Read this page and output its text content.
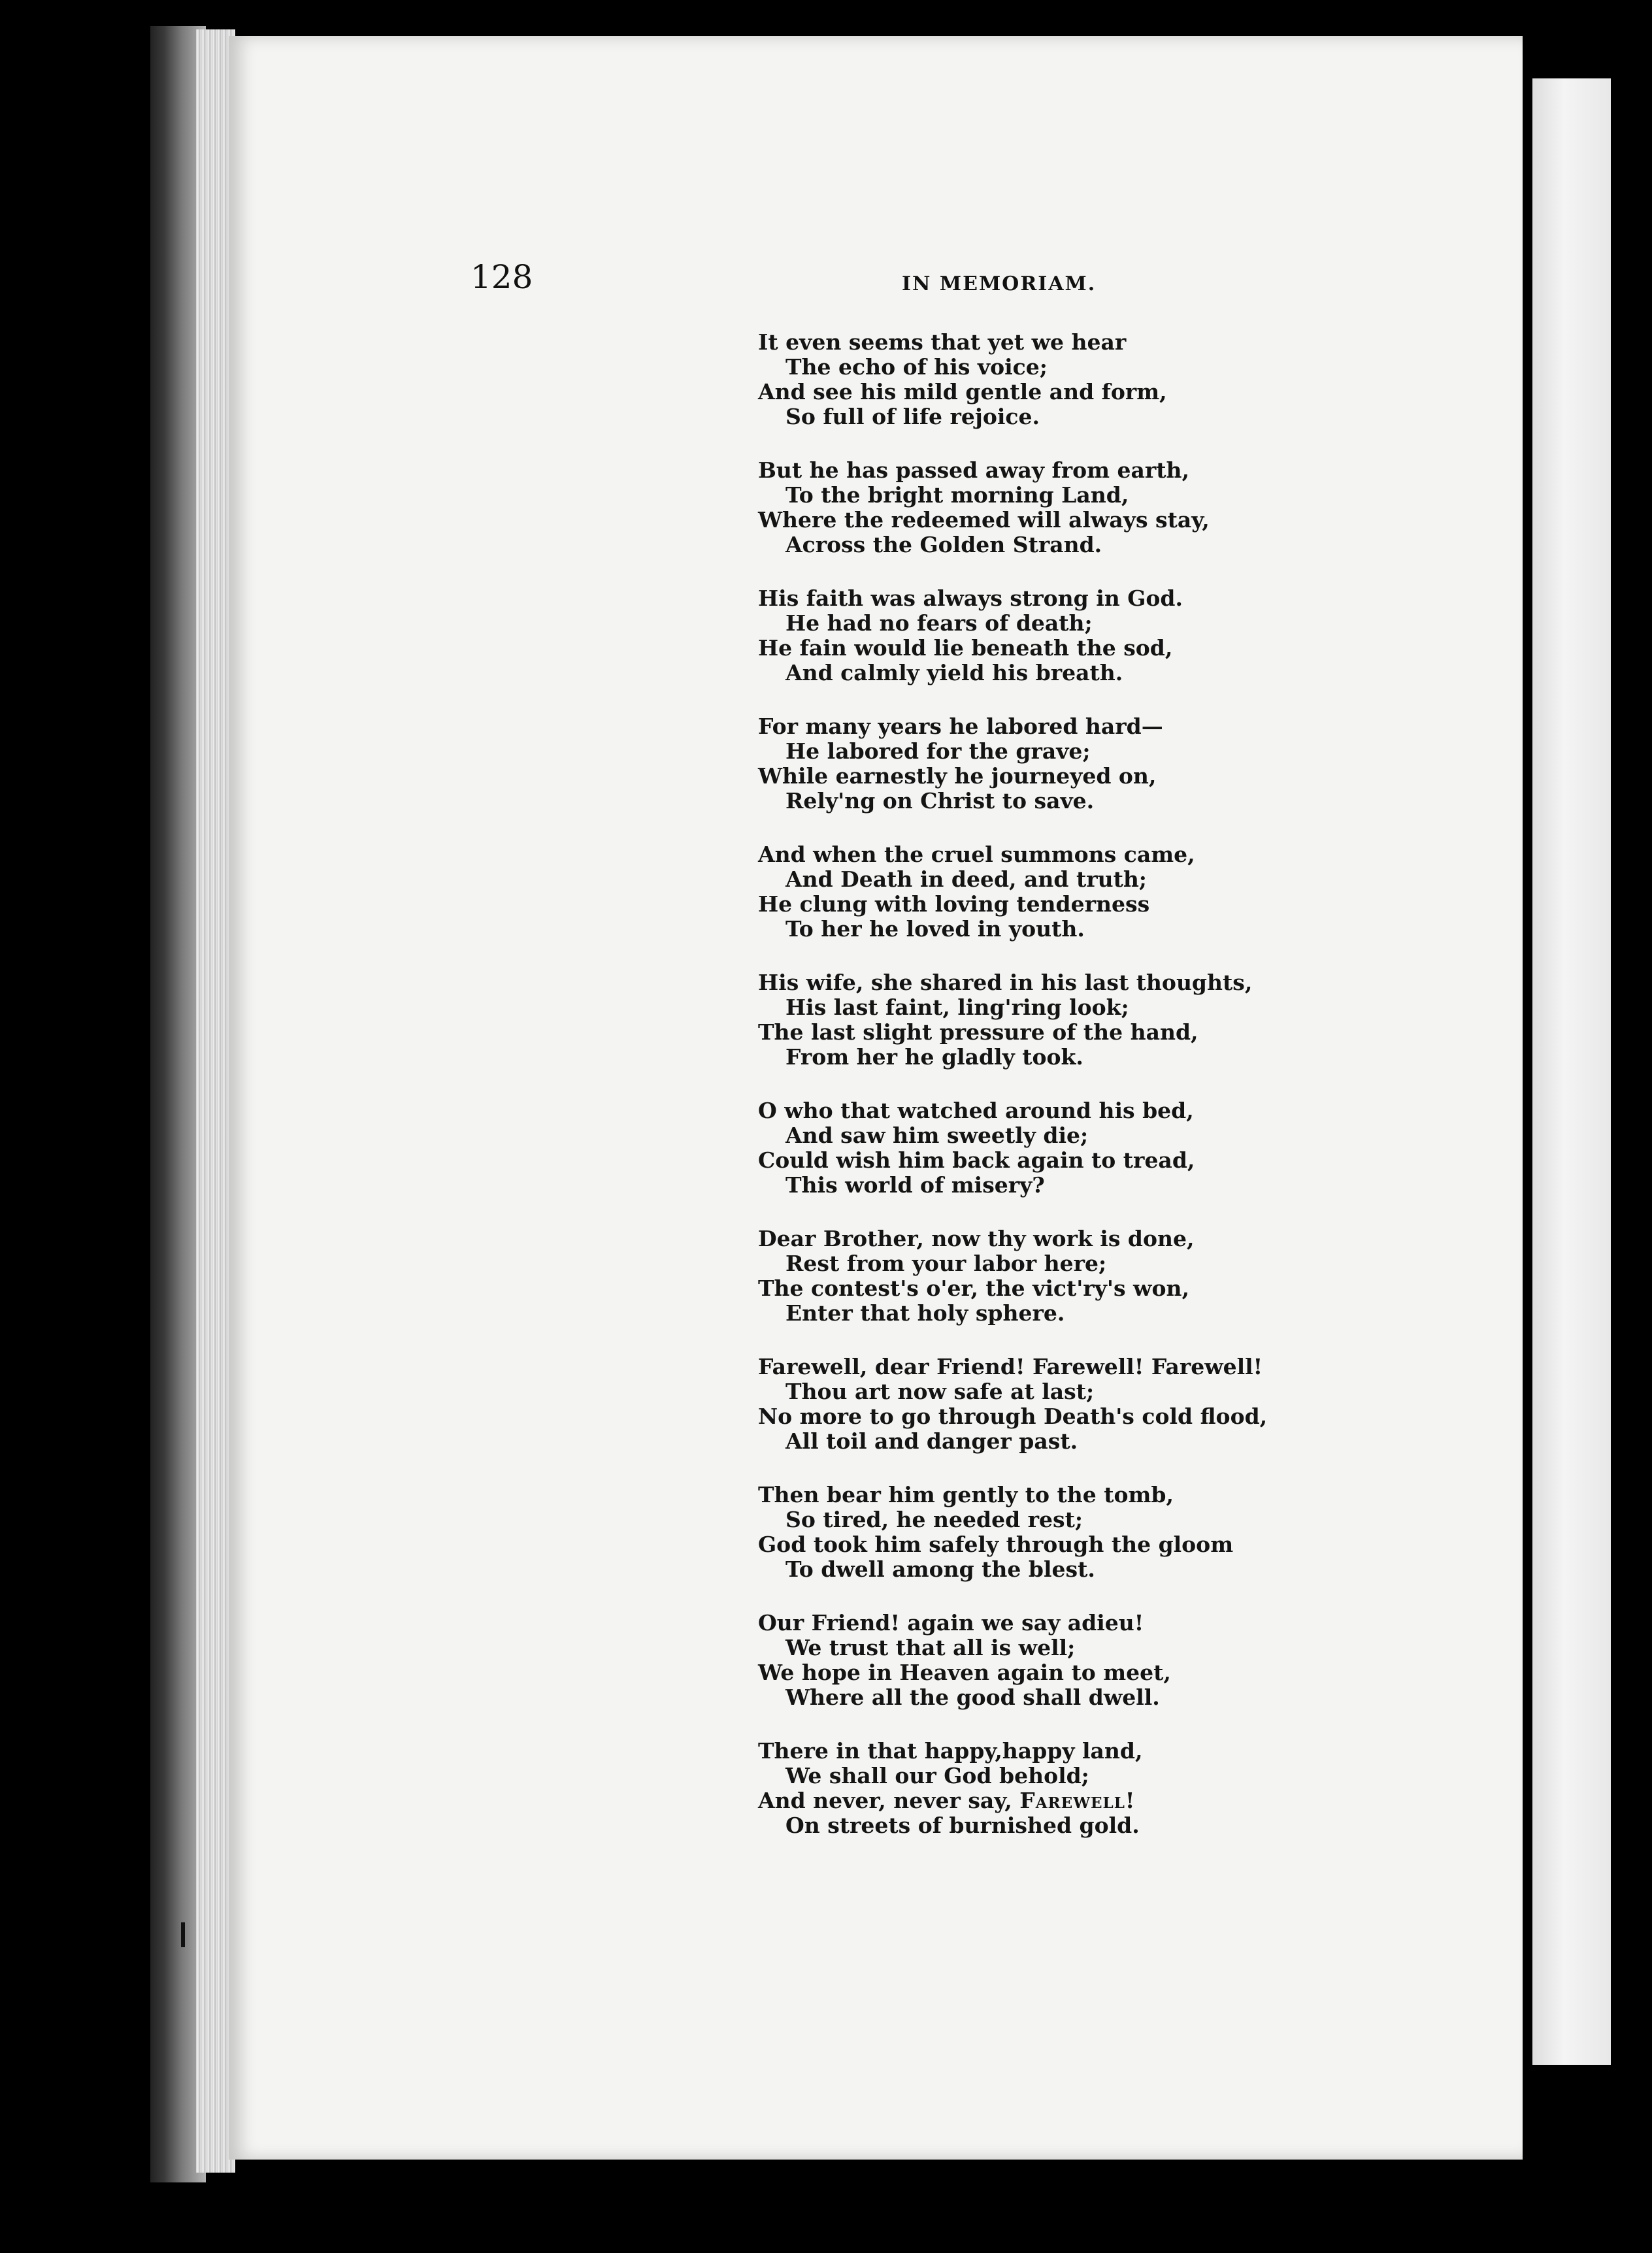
128	IN MEMORIAM.
It even seems that yet we hear
The echo of his voice;
And see his mild gentle and form,
So full of life rejoice.
But he has passed away from earth,
To the bright morning Land,
Where the redeemed will always stay,
Across the Golden Strand.
His faith was always strong in God.
He had no fears of death;
He fain would lie beneath the sod,
And calmly yield his breath.
For many years he labored hard—
He labored for the grave;
While earnestly he journeyed on,
Rely'ng on Christ to save.
And when the cruel summons came,
And Death in deed, and truth;
He clung with loving tenderness
To her he loved in youth.
His wife, she shared in his last thoughts,
His last faint, ling'ring look;
The last slight pressure of the hand,
From her he gladly took.
O who that watched around his bed,
And saw him sweetly die;
Could wish him back again to tread,
This world of misery?
Dear Brother, now thy work is done,
Rest from your labor here;
The contest's o'er, the vict'ry's won,
Enter that holy sphere.
Farewell, dear Friend! Farewell! Farewell!
Thou art now safe at last;
No more to go through Death's cold flood,
All toil and danger past.
Then bear him gently to the tomb,
So tired, he needed rest;
God took him safely through the gloom
To dwell among the blest.
Our Friend! again we say adieu!
We trust that all is well;
We hope in Heaven again to meet,
Where all the good shall dwell.
There in that happy,happy land,
We shall our God behold;
And never, never say, Farewell!
On streets of burnished gold.
